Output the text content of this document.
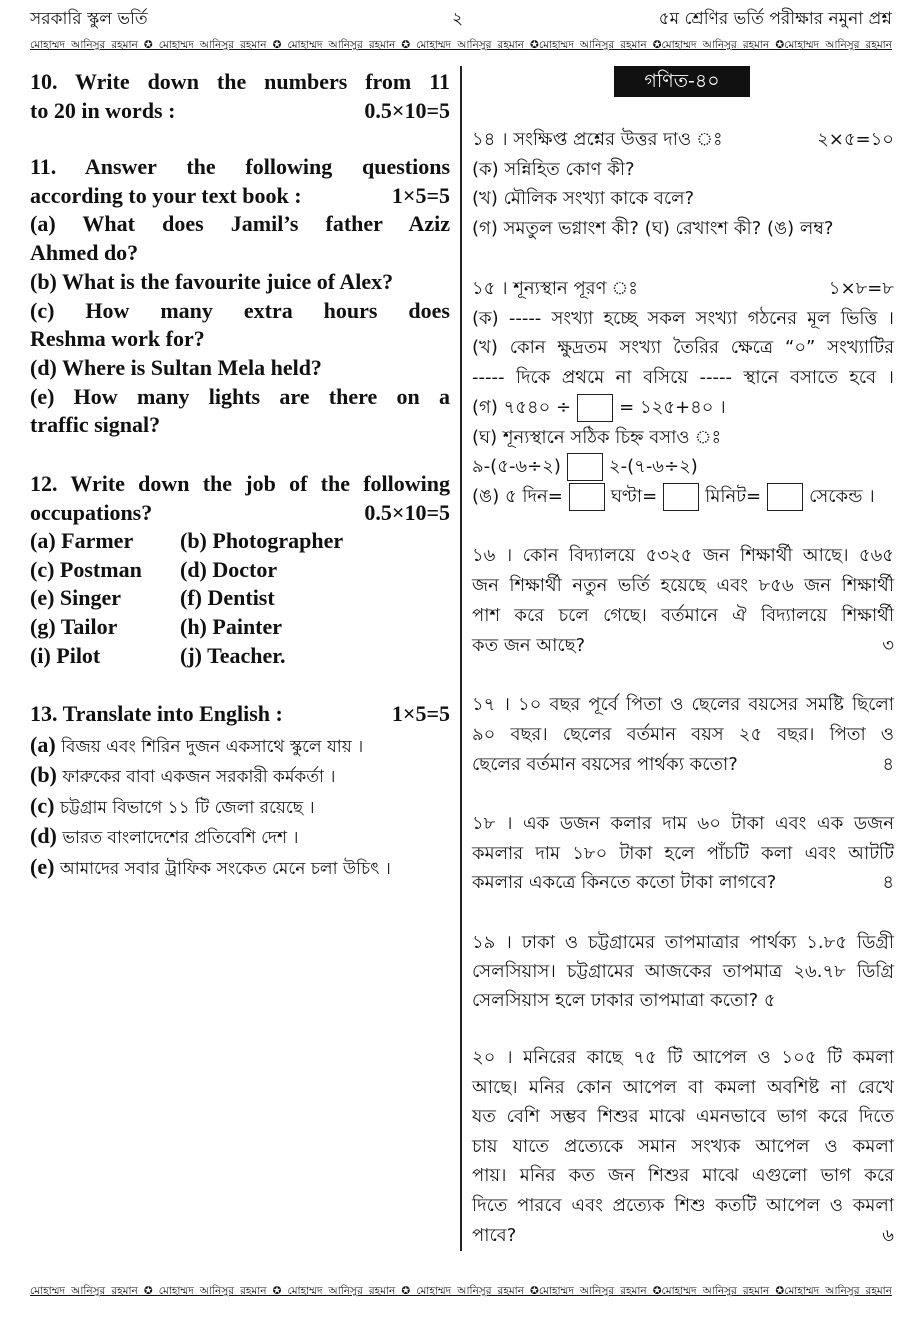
সরকারি স্কুল ভর্তি	২	৫ম শ্রেণির ভর্তি পরীক্ষার নমুনা প্রশ্ন
মোহাম্মদ আনিসুর রহমান ✪ মোহাম্মদ আনিসুর রহমান ✪ মোহাম্মদ আনিসুর রহমান ✪ মোহাম্মদ আনিসুর রহমান ✪মোহাম্মদ আনিসুর রহমান ✪মোহাম্মদ আনিসুর রহমান ✪মোহাম্মদ আনিসুর রহমান
গণিত-৪০
10. Write down the numbers from 11
to 20 in words :	0.5×10=5
11. Answer the following questions
according to your text book :	1×5=5
(a) What does Jamil’s father Aziz
Ahmed do?
(b) What is the favourite juice of Alex?
(c) How many extra hours does
Reshma work for?
(d) Where is Sultan Mela held?
(e) How many lights are there on a
traffic signal?
12. Write down the job of the following
occupations?	0.5×10=5
(a) Farmer (b) Photographer
(c) Postman (d) Doctor
(e) Singer	(f) Dentist
(g) Tailor	(h) Painter
(i) Pilot	(j) Teacher.
13. Translate into English :	1×5=5
(a) বিজয় এবং শিরিন দুজন একসাথে স্কুলে যায় ।
(b) ফারুকের বাবা একজন সরকারী কর্মকর্তা ।
(c) চট্টগ্রাম বিভাগে ১১ টি জেলা রয়েছে ।
(d) ভারত বাংলাদেশের প্রতিবেশি দেশ ।
(e) আমাদের সবার ট্রাফিক সংকেত মেনে চলা উচিৎ ।
১৪ । সংক্ষিপ্ত প্রশ্নের উত্তর দাও ঃ	২×৫=১০
(ক) সন্নিহিত কোণ কী?
(খ) মৌলিক সংখ্যা কাকে বলে?
(গ) সমতুল ভগ্নাংশ কী? (ঘ) রেখাংশ কী? (ঙ) লম্ব?
১৫ । শূন্যস্থান পূরণ ঃ	১×৮=৮
(ক) ----- সংখ্যা হচ্ছে সকল সংখ্যা গঠনের মূল ভিত্তি ।
(খ) কোন ক্ষুদ্রতম সংখ্যা তৈরির ক্ষেত্রে “০” সংখ্যাটির
----- দিকে প্রথমে না বসিয়ে ----- স্থানে বসাতে হবে ।
(গ) ৭৫৪০ ÷	= ১২৫+৪০ ।
(ঘ) শূন্যস্থানে সঠিক চিহ্ন বসাও ঃ
৯-(৫-৬÷২)	২-(৭-৬÷২)
(ঙ) ৫ দিন=	ঘণ্টা=	মিনিট=	সেকেন্ড ।
১৬ । কোন বিদ্যালয়ে ৫৩২৫ জন শিক্ষার্থী আছে। ৫৬৫
জন শিক্ষার্থী নতুন ভর্তি হয়েছে এবং ৮৫৬ জন শিক্ষার্থী
পাশ করে চলে গেছে। বর্তমানে ঐ বিদ্যালয়ে শিক্ষার্থী
কত জন আছে?	৩
১৭ । ১০ বছর পূর্বে পিতা ও ছেলের বয়সের সমষ্টি ছিলো
৯০ বছর। ছেলের বর্তমান বয়স ২৫ বছর। পিতা ও
ছেলের বর্তমান বয়সের পার্থক্য কতো?	৪
১৮ । এক ডজন কলার দাম ৬০ টাকা এবং এক ডজন
কমলার দাম ১৮০ টাকা হলে পাঁচটি কলা এবং আটটি
কমলার একত্রে কিনতে কতো টাকা লাগবে?	৪
১৯ । ঢাকা ও চট্টগ্রামের তাপমাত্রার পার্থক্য ১.৮৫ ডিগ্রী
সেলসিয়াস। চট্টগ্রামের আজকের তাপমাত্র ২৬.৭৮ ডিগ্রি
সেলসিয়াস হলে ঢাকার তাপমাত্রা কতো? ৫
২০ । মনিরের কাছে ৭৫ টি আপেল ও ১০৫ টি কমলা
আছে। মনির কোন আপেল বা কমলা অবশিষ্ট না রেখে
যত বেশি সম্ভব শিশুর মাঝে এমনভাবে ভাগ করে দিতে
চায় যাতে প্রত্যেকে সমান সংখ্যক আপেল ও কমলা
পায়। মনির কত জন শিশুর মাঝে এগুলো ভাগ করে
দিতে পারবে এবং প্রত্যেক শিশু কতটি আপেল ও কমলা
পাবে?	৬
মোহাম্মদ আনিসুর রহমান ✪ মোহাম্মদ আনিসুর রহমান ✪ মোহাম্মদ আনিসুর রহমান ✪ মোহাম্মদ আনিসুর রহমান ✪মোহাম্মদ আনিসুর রহমান ✪মোহাম্মদ আনিসুর রহমান ✪মোহাম্মদ আনিসুর রহমান
